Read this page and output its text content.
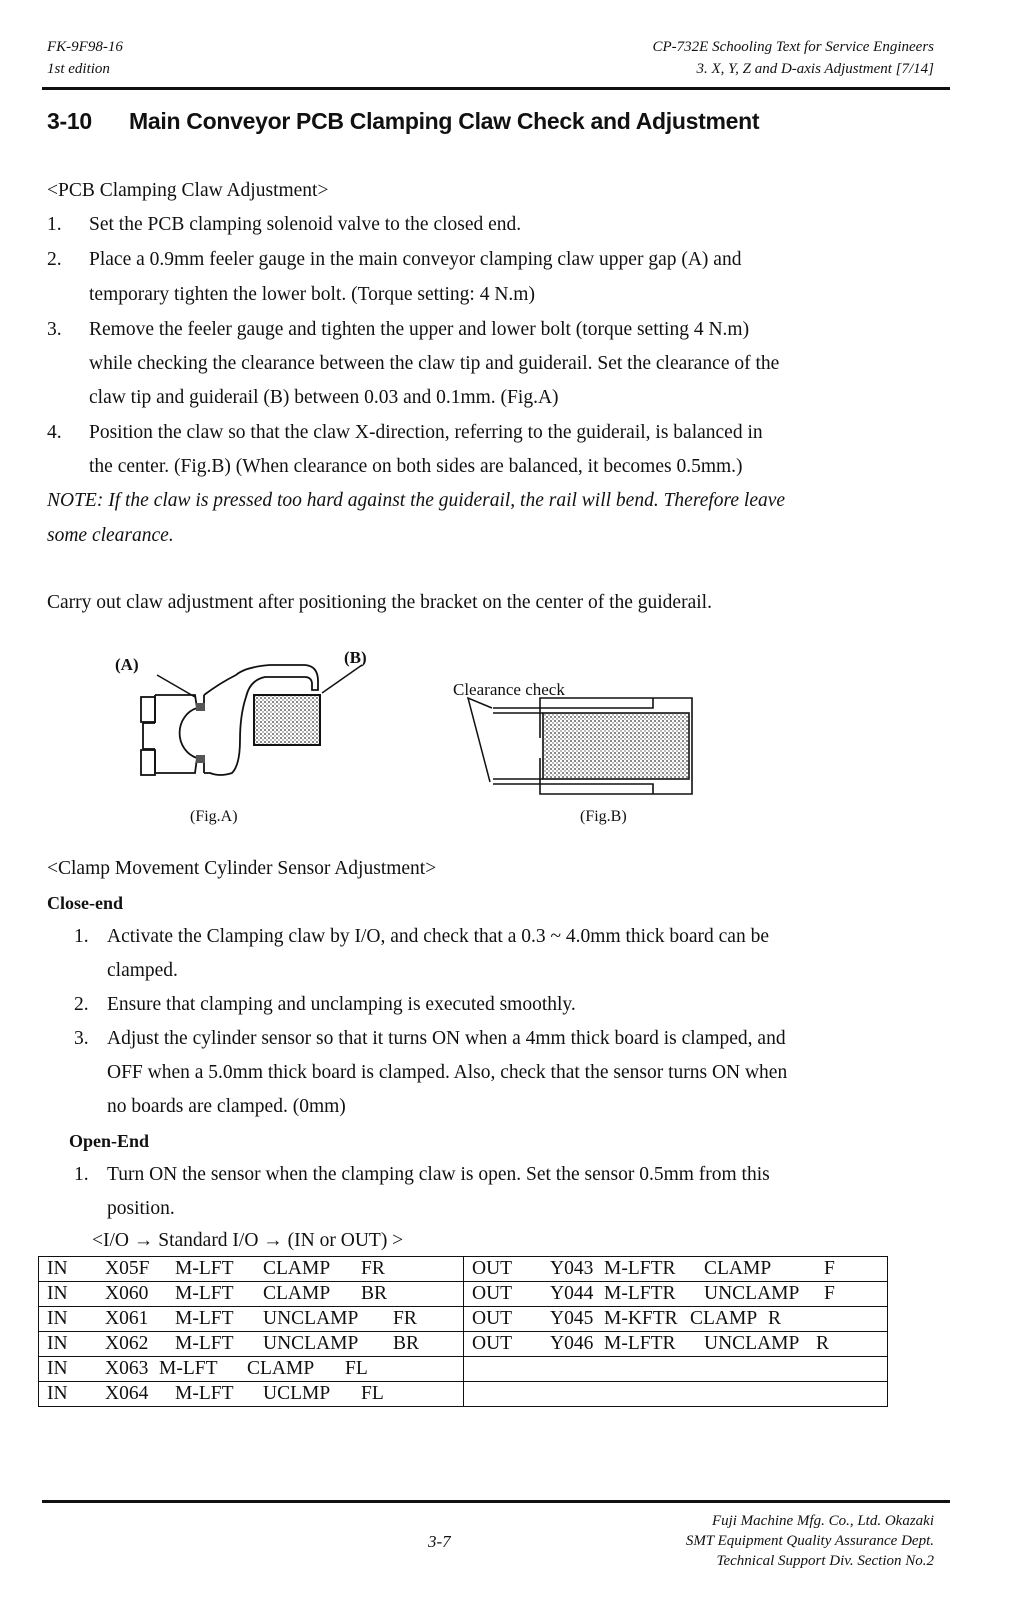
FK-9F98-16
1st edition
CP-732E Schooling Text for Service Engineers
3. X, Y, Z and D-axis Adjustment [7/14]
3-10 Main Conveyor PCB Clamping Claw Check and Adjustment
<PCB Clamping Claw Adjustment>
1. Set the PCB clamping solenoid valve to the closed end.
2. Place a 0.9mm feeler gauge in the main conveyor clamping claw upper gap (A) and
temporary tighten the lower bolt. (Torque setting: 4 N.m)
3. Remove the feeler gauge and tighten the upper and lower bolt (torque setting 4 N.m)
while checking the clearance between the claw tip and guiderail. Set the clearance of the
claw tip and guiderail (B) between 0.03 and 0.1mm. (Fig.A)
4. Position the claw so that the claw X-direction, referring to the guiderail, is balanced in
the center. (Fig.B) (When clearance on both sides are balanced, it becomes 0.5mm.)
NOTE: If the claw is pressed too hard against the guiderail, the rail will bend. Therefore leave
some clearance.
Carry out claw adjustment after positioning the bracket on the center of the guiderail.
(A)	(B)
(Fig.A)
Clearance check
(Fig.B)
<Clamp Movement Cylinder Sensor Adjustment>
Close-end
1. Activate the Clamping claw by I/O, and check that a 0.3 ~ 4.0mm thick board can be
clamped.
2. Ensure that clamping and unclamping is executed smoothly.
3. Adjust the cylinder sensor so that it turns ON when a 4mm thick board is clamped, and
OFF when a 5.0mm thick board is clamped. Also, check that the sensor turns ON when
no boards are clamped. (0mm)
Open-End
1. Turn ON the sensor when the clamping claw is open. Set the sensor 0.5mm from this
position.
<I/O → Standard I/O → (IN or OUT) >
IN X05F M-LFT CLAMP FR	OUT Y043 M-LFTR CLAMP F
IN X060 M-LFT CLAMP BR	OUT Y044 M-LFTR UNCLAMP F
IN X061 M-LFT UNCLAMP FR	OUT Y045 M-KFTR CLAMP R
IN X062 M-LFT UNCLAMP BR	OUT Y046 M-LFTR UNCLAMP R
IN X063 M-LFT CLAMP FL	
IN X064 M-LFT UCLMP FL	
3-7
Fuji Machine Mfg. Co., Ltd. Okazaki
SMT Equipment Quality Assurance Dept.
Technical Support Div. Section No.2
